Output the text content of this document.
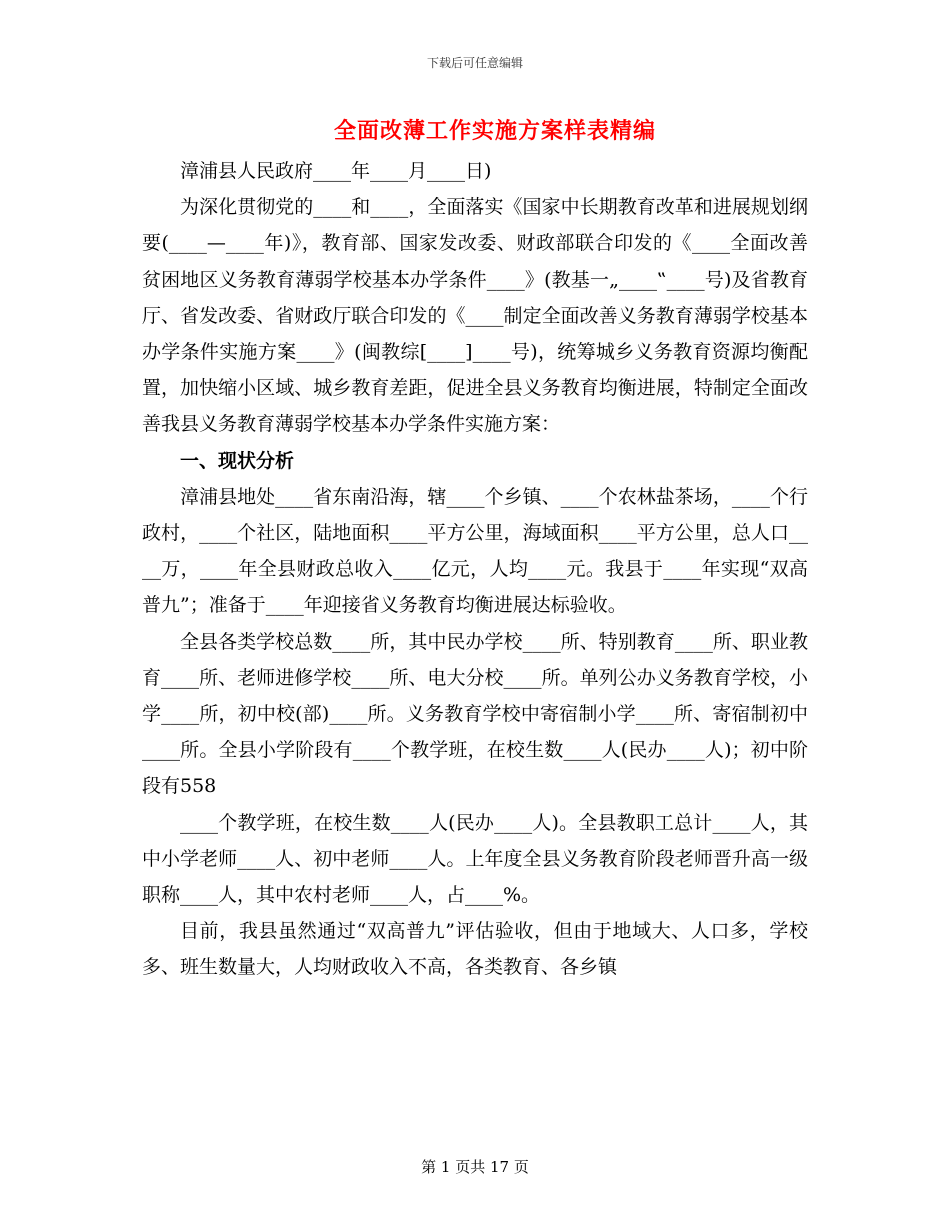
下载后可任意编辑
全面改薄工作实施方案样表精编

漳浦县人民政府____年____月____日)

为深化贯彻党的____和____，全面落实《国家中长期教育改革和进展规划纲要(____—____年)》，教育部、国家发改委、财政部联合印发的《____全面改善贫困地区义务教育薄弱学校基本办学条件____》(教基一„____‟____号)及省教育厅、省发改委、省财政厅联合印发的《____制定全面改善义务教育薄弱学校基本办学条件实施方案____》(闽教综[____]____号)，统筹城乡义务教育资源均衡配置，加快缩小区域、城乡教育差距，促进全县义务教育均衡进展，特制定全面改善我县义务教育薄弱学校基本办学条件实施方案：

一、现状分析

漳浦县地处____省东南沿海，辖____个乡镇、____个农林盐茶场，____个行政村，____个社区，陆地面积____平方公里，海域面积____平方公里，总人口____万，____年全县财政总收入____亿元，人均____元。我县于____年实现“双高普九”；准备于____年迎接省义务教育均衡进展达标验收。

全县各类学校总数____所，其中民办学校____所、特别教育____所、职业教育____所、老师进修学校____所、电大分校____所。单列公办义务教育学校，小学____所，初中校(部)____所。义务教育学校中寄宿制小学____所、寄宿制初中____所。全县小学阶段有____个教学班，在校生数____人(民办____人)；初中阶段有558

____个教学班，在校生数____人(民办____人)。全县教职工总计____人，其中小学老师____人、初中老师____人。上年度全县义务教育阶段老师晋升高一级职称____人，其中农村老师____人，占____%。

目前，我县虽然通过“双高普九”评估验收，但由于地域大、人口多，学校多、班生数量大，人均财政收入不高，各类教育、各乡镇

第 1 页共 17 页
